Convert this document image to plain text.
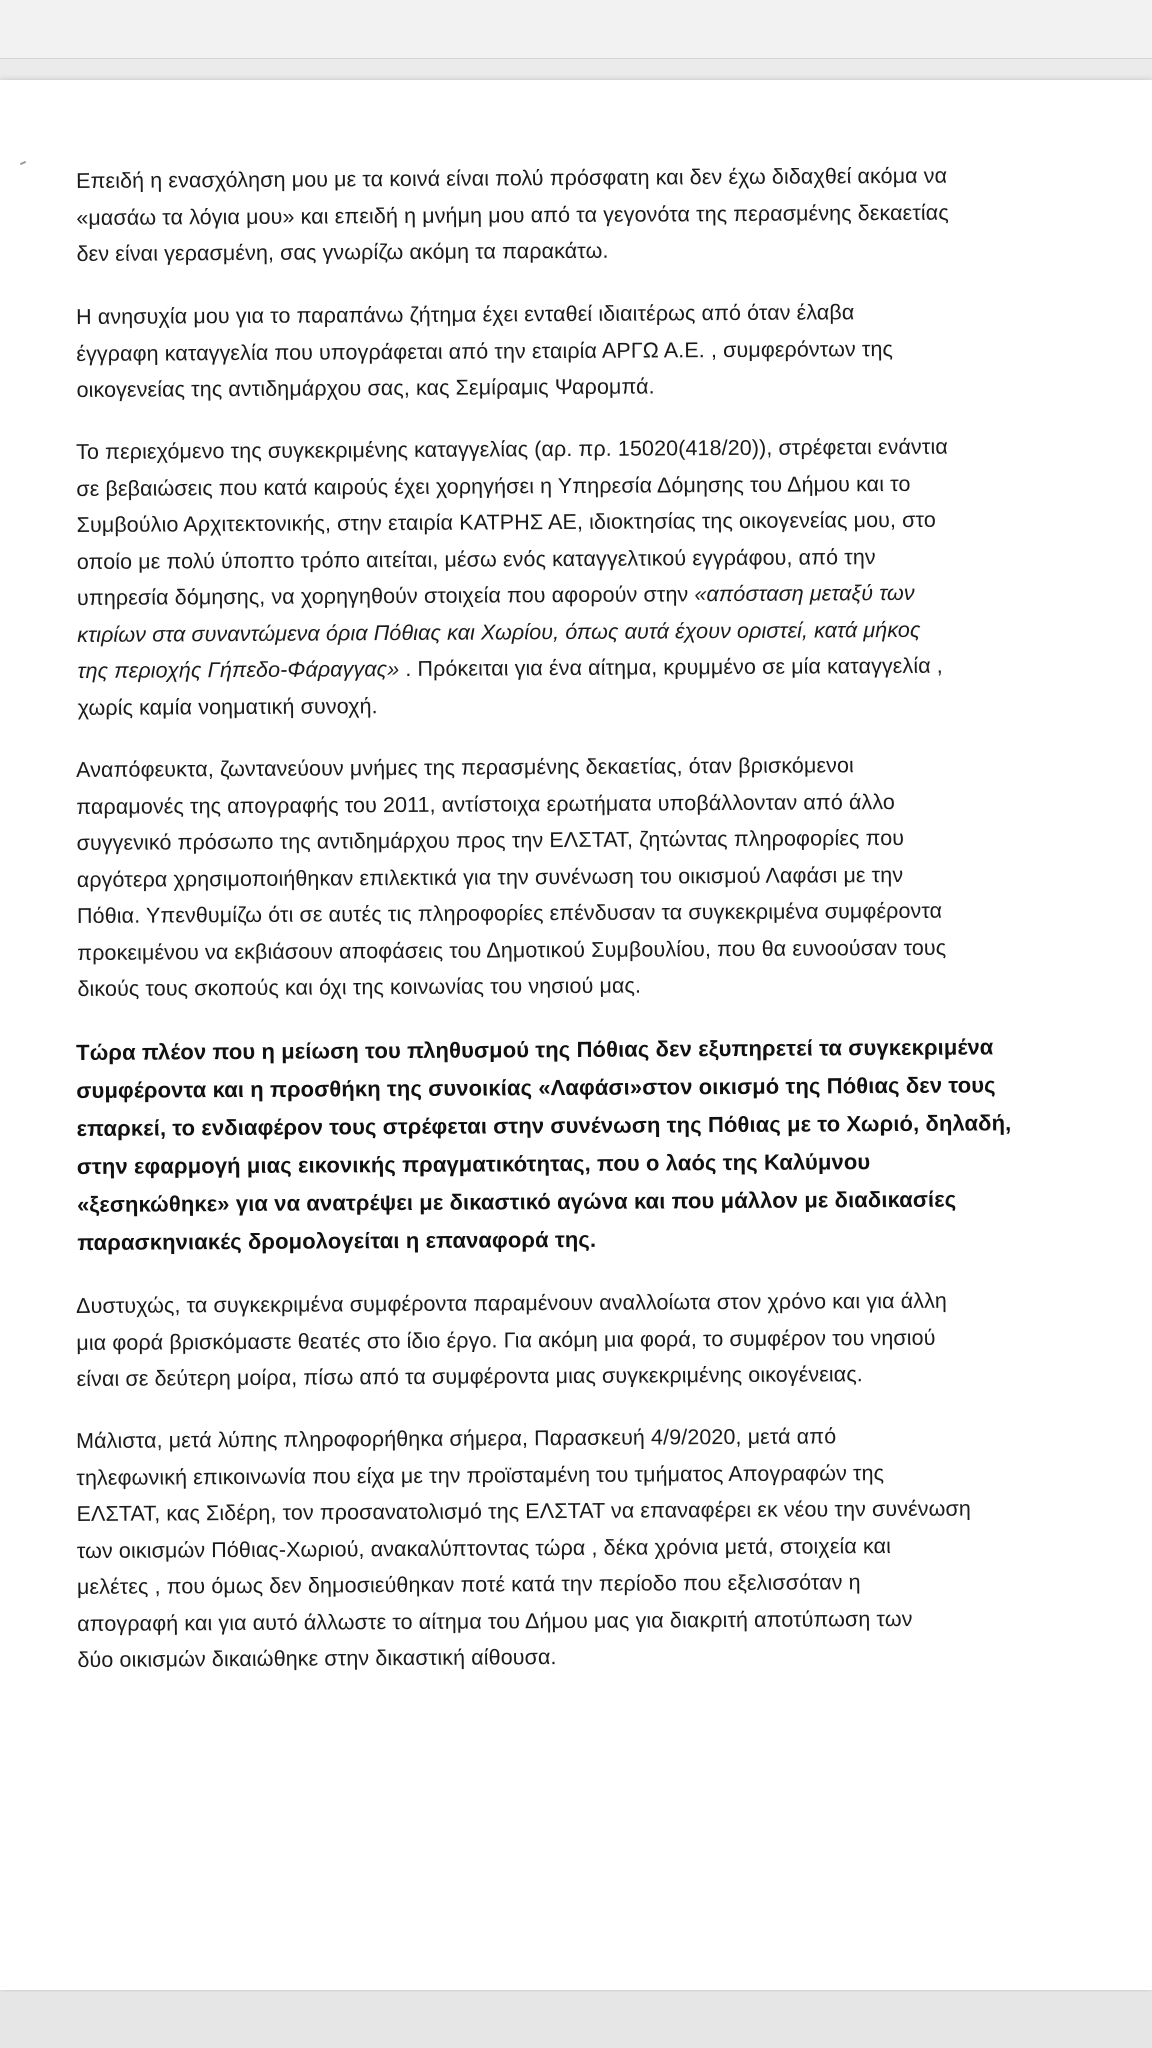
Επειδή η ενασχόληση μου με τα κοινά είναι πολύ πρόσφατη και δεν έχω διδαχθεί ακόμα να
«μασάω τα λόγια μου» και επειδή η μνήμη μου από τα γεγονότα της περασμένης δεκαετίας
δεν είναι γερασμένη, σας γνωρίζω ακόμη τα παρακάτω.

Η ανησυχία μου για το παραπάνω ζήτημα έχει ενταθεί ιδιαιτέρως από όταν έλαβα
έγγραφη καταγγελία που υπογράφεται από την εταιρία ΑΡΓΩ Α.Ε. , συμφερόντων της
οικογενείας της αντιδημάρχου σας, κας Σεμίραμις Ψαρομπά.

Το περιεχόμενο της συγκεκριμένης καταγγελίας (αρ. πρ. 15020(418/20)), στρέφεται ενάντια
σε βεβαιώσεις που κατά καιρούς έχει χορηγήσει η Υπηρεσία Δόμησης του Δήμου και το
Συμβούλιο Αρχιτεκτονικής, στην εταιρία ΚΑΤΡΗΣ ΑΕ, ιδιοκτησίας της οικογενείας μου, στο
οποίο με πολύ ύποπτο τρόπο αιτείται, μέσω ενός καταγγελτικού εγγράφου, από την
υπηρεσία δόμησης, να χορηγηθούν στοιχεία που αφορούν στην «απόσταση μεταξύ των
κτιρίων στα συναντώμενα όρια Πόθιας και Χωρίου, όπως αυτά έχουν οριστεί, κατά μήκος
της περιοχής Γήπεδο-Φάραγγας» . Πρόκειται για ένα αίτημα, κρυμμένο σε μία καταγγελία ,
χωρίς καμία νοηματική συνοχή.

Αναπόφευκτα, ζωντανεύουν μνήμες της περασμένης δεκαετίας, όταν βρισκόμενοι
παραμονές της απογραφής του 2011, αντίστοιχα ερωτήματα υποβάλλονταν από άλλο
συγγενικό πρόσωπο της αντιδημάρχου προς την ΕΛΣΤΑΤ, ζητώντας πληροφορίες που
αργότερα χρησιμοποιήθηκαν επιλεκτικά για την συνένωση του οικισμού Λαφάσι με την
Πόθια. Υπενθυμίζω ότι σε αυτές τις πληροφορίες επένδυσαν τα συγκεκριμένα συμφέροντα
προκειμένου να εκβιάσουν αποφάσεις του Δημοτικού Συμβουλίου, που θα ευνοούσαν τους
δικούς τους σκοπούς και όχι της κοινωνίας του νησιού μας.

Τώρα πλέον που η μείωση του πληθυσμού της Πόθιας δεν εξυπηρετεί τα συγκεκριμένα
συμφέροντα και η προσθήκη της συνοικίας «Λαφάσι»στον οικισμό της Πόθιας δεν τους
επαρκεί, το ενδιαφέρον τους στρέφεται στην συνένωση της Πόθιας με το Χωριό, δηλαδή,
στην εφαρμογή μιας εικονικής πραγματικότητας, που ο λαός της Καλύμνου
«ξεσηκώθηκε» για να ανατρέψει με δικαστικό αγώνα και που μάλλον με διαδικασίες
παρασκηνιακές δρομολογείται η επαναφορά της.

Δυστυχώς, τα συγκεκριμένα συμφέροντα παραμένουν αναλλοίωτα στον χρόνο και για άλλη
μια φορά βρισκόμαστε θεατές στο ίδιο έργο. Για ακόμη μια φορά, το συμφέρον του νησιού
είναι σε δεύτερη μοίρα, πίσω από τα συμφέροντα μιας συγκεκριμένης οικογένειας.

Μάλιστα, μετά λύπης πληροφορήθηκα σήμερα, Παρασκευή 4/9/2020, μετά από
τηλεφωνική επικοινωνία που είχα με την προϊσταμένη του τμήματος Απογραφών της
ΕΛΣΤΑΤ, κας Σιδέρη, τον προσανατολισμό της ΕΛΣΤΑΤ να επαναφέρει εκ νέου την συνένωση
των οικισμών Πόθιας-Χωριού, ανακαλύπτοντας τώρα , δέκα χρόνια μετά, στοιχεία και
μελέτες , που όμως δεν δημοσιεύθηκαν ποτέ κατά την περίοδο που εξελισσόταν η
απογραφή και για αυτό άλλωστε το αίτημα του Δήμου μας για διακριτή αποτύπωση των
δύο οικισμών δικαιώθηκε στην δικαστική αίθουσα.
